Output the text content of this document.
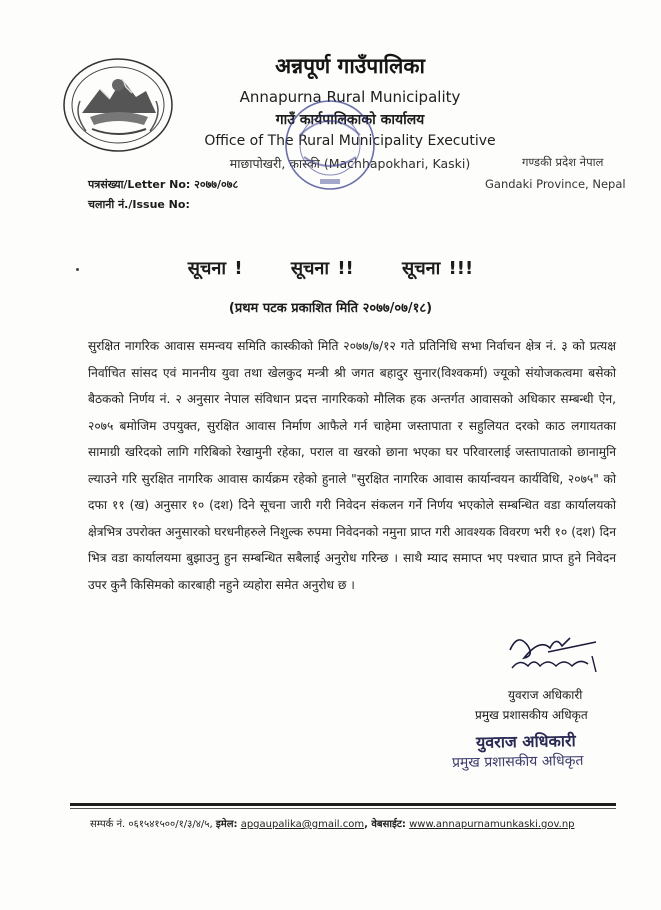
अन्नपूर्ण गाउँपालिका
Annapurna Rural Municipality
गाउँ कार्यपालिकाको कार्यालय
Office of The Rural Municipality Executive
माछापोखरी, कास्की (Machhapokhari, Kaski)	गण्डकी प्रदेश नेपाल
Gandaki Province, Nepal
पत्रसंख्या/Letter No: २०७७/०७८
चलानी नं./Issue No:
सूचना !	सूचना !!	सूचना !!!
(प्रथम पटक प्रकाशित मिति २०७७/०७/१८)
सुरक्षित नागरिक आवास समन्वय समिति कास्कीको मिति २०७७/७/१२ गते प्रतिनिधि सभा निर्वाचन क्षेत्र नं. ३ को प्रत्यक्ष निर्वाचित सांसद एवं माननीय युवा तथा खेलकुद मन्त्री श्री जगत बहादुर सुनार(विश्वकर्मा) ज्यूको संयोजकत्वमा बसेको बैठकको निर्णय नं. २ अनुसार नेपाल संविधान प्रदत्त नागरिकको मौलिक हक अन्तर्गत आवासको अधिकार सम्बन्धी ऐन, २०७५ बमोजिम उपयुक्त, सुरक्षित आवास निर्माण आफैले गर्न चाहेमा जस्तापाता र सहुलियत दरको काठ लगायतका सामाग्री खरिदको लागि गरिबिको रेखामुनी रहेका, पराल वा खरको छाना भएका घर परिवारलाई जस्तापाताको छानामुनि ल्याउने गरि सुरक्षित नागरिक आवास कार्यक्रम रहेको हुनाले "सुरक्षित नागरिक आवास कार्यान्वयन कार्यविधि, २०७५" को दफा ११ (ख) अनुसार १० (दश) दिने सूचना जारी गरी निवेदन संकलन गर्ने निर्णय भएकोले सम्बन्धित वडा कार्यालयको क्षेत्रभित्र उपरोक्त अनुसारको घरधनीहरुले निशुल्क रुपमा निवेदनको नमुना प्राप्त गरी आवश्यक विवरण भरी १० (दश) दिन भित्र वडा कार्यालयमा बुझाउनु हुन सम्बन्धित सबैलाई अनुरोध गरिन्छ । साथै म्याद समाप्त भए पश्चात प्राप्त हुने निवेदन उपर कुनै किसिमको कारबाही नहुने व्यहोरा समेत अनुरोध छ ।
युवराज अधिकारी
प्रमुख प्रशासकीय अधिकृत
युवराज अधिकारी
प्रमुख प्रशासकीय अधिकृत
सम्पर्क नं. ०६१५४१५००/१/३/४/५, इमेल: apgaupalika@gmail.com, वेबसाईट: www.annapurnamunkaski.gov.np
